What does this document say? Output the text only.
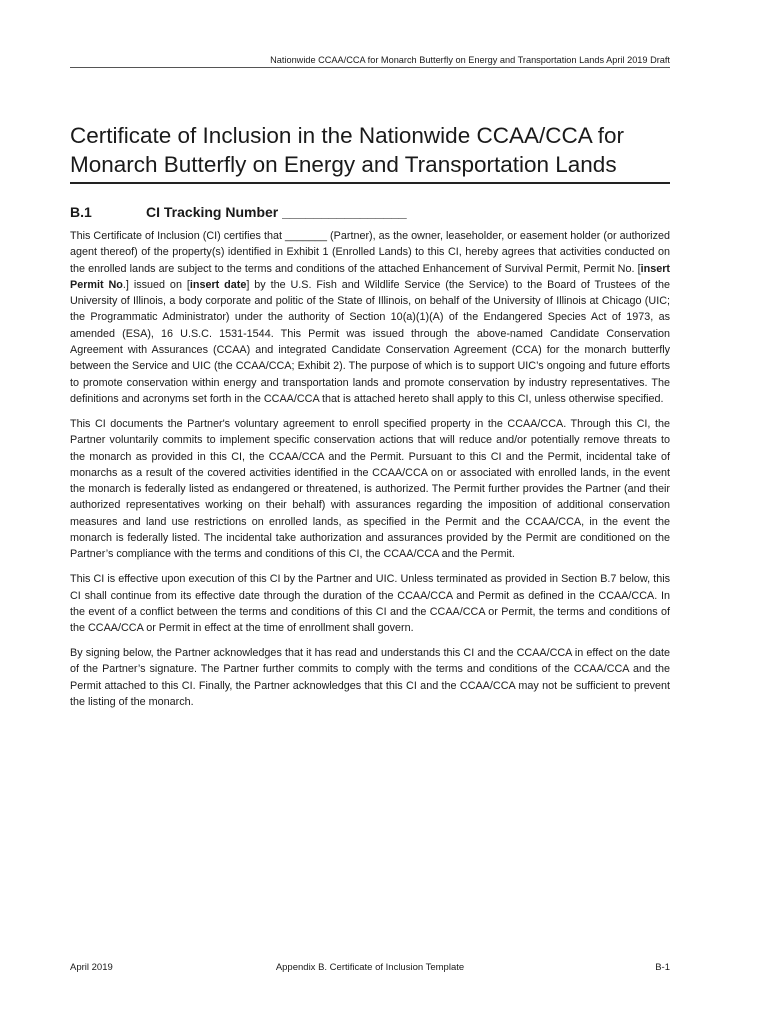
Nationwide CCAA/CCA for Monarch Butterfly on Energy and Transportation Lands April 2019 Draft
Certificate of Inclusion in the Nationwide CCAA/CCA for
Monarch Butterfly on Energy and Transportation Lands
B.1	CI Tracking Number ________________

This Certificate of Inclusion (CI) certifies that _______ (Partner), as the owner, leaseholder, or easement holder (or authorized agent thereof) of the property(s) identified in Exhibit 1 (Enrolled Lands) to this CI, hereby agrees that activities conducted on the enrolled lands are subject to the terms and conditions of the attached Enhancement of Survival Permit, Permit No. [insert Permit No.] issued on [insert date] by the U.S. Fish and Wildlife Service (the Service) to the Board of Trustees of the University of Illinois, a body corporate and politic of the State of Illinois, on behalf of the University of Illinois at Chicago (UIC; the Programmatic Administrator) under the authority of Section 10(a)(1)(A) of the Endangered Species Act of 1973, as amended (ESA), 16 U.S.C. 1531-1544. This Permit was issued through the above-named Candidate Conservation Agreement with Assurances (CCAA) and integrated Candidate Conservation Agreement (CCA) for the monarch butterfly between the Service and UIC (the CCAA/CCA; Exhibit 2). The purpose of which is to support UIC’s ongoing and future efforts to promote conservation within energy and transportation lands and promote conservation by industry representatives. The definitions and acronyms set forth in the CCAA/CCA that is attached hereto shall apply to this CI, unless otherwise specified.

This CI documents the Partner's voluntary agreement to enroll specified property in the CCAA/CCA. Through this CI, the Partner voluntarily commits to implement specific conservation actions that will reduce and/or potentially remove threats to the monarch as provided in this CI, the CCAA/CCA and the Permit. Pursuant to this CI and the Permit, incidental take of monarchs as a result of the covered activities identified in the CCAA/CCA on or associated with enrolled lands, in the event the monarch is federally listed as endangered or threatened, is authorized. The Permit further provides the Partner (and their authorized representatives working on their behalf) with assurances regarding the imposition of additional conservation measures and land use restrictions on enrolled lands, as specified in the Permit and the CCAA/CCA, in the event the monarch is federally listed. The incidental take authorization and assurances provided by the Permit are conditioned on the Partner’s compliance with the terms and conditions of this CI, the CCAA/CCA and the Permit.

This CI is effective upon execution of this CI by the Partner and UIC. Unless terminated as provided in Section B.7 below, this CI shall continue from its effective date through the duration of the CCAA/CCA and Permit as defined in the CCAA/CCA. In the event of a conflict between the terms and conditions of this CI and the CCAA/CCA or Permit, the terms and conditions of the CCAA/CCA or Permit in effect at the time of enrollment shall govern.

By signing below, the Partner acknowledges that it has read and understands this CI and the CCAA/CCA in effect on the date of the Partner’s signature. The Partner further commits to comply with the terms and conditions of the CCAA/CCA and the Permit attached to this CI. Finally, the Partner acknowledges that this CI and the CCAA/CCA may not be sufficient to prevent the listing of the monarch.

April 2019	Appendix B. Certificate of Inclusion Template	B-1
